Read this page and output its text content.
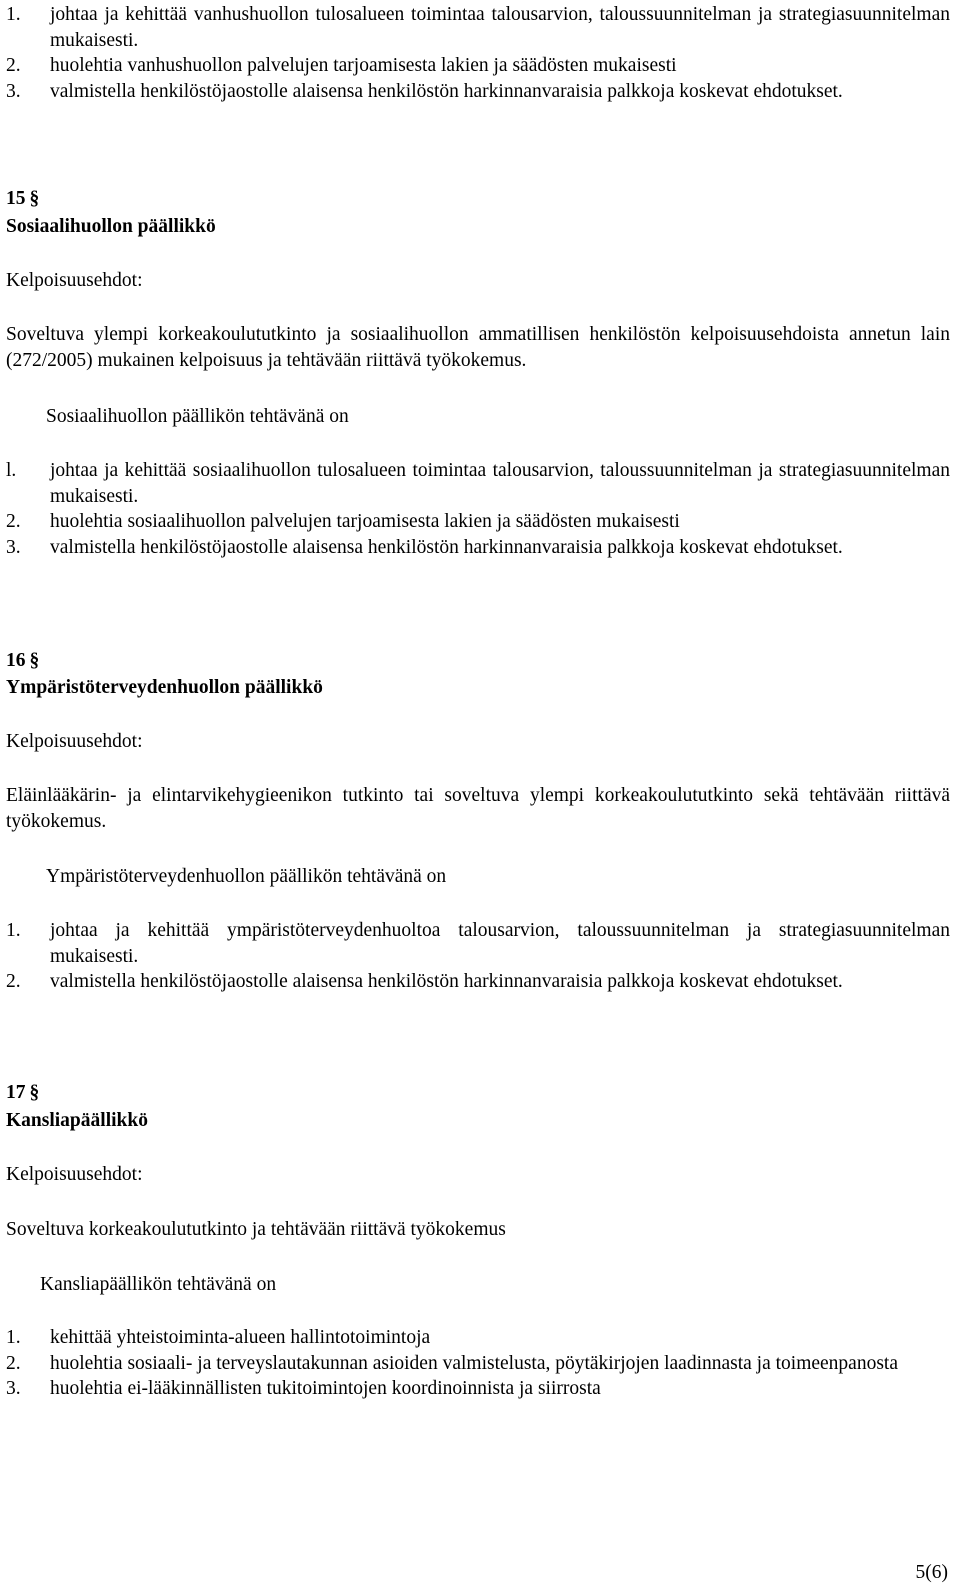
1. johtaa ja kehittää vanhushuollon tulosalueen toimintaa talousarvion, taloussuunnitelman ja strategiasuunnitelman mukaisesti.
2. huolehtia vanhushuollon palvelujen tarjoamisesta lakien ja säädösten mukaisesti
3. valmistella henkilöstöjaostolle alaisensa henkilöstön harkinnanvaraisia palkkoja koskevat ehdotukset.
15 §
Sosiaalihuollon päällikkö
Kelpoisuusehdot:
Soveltuva ylempi korkeakoulututkinto ja sosiaalihuollon ammatillisen henkilöstön kelpoisuusehdoista annetun lain (272/2005) mukainen kelpoisuus ja tehtävään riittävä työkokemus.
Sosiaalihuollon päällikön tehtävänä on
l. johtaa ja kehittää sosiaalihuollon tulosalueen toimintaa talousarvion, taloussuunnitelman ja strategiasuunnitelman mukaisesti.
2. huolehtia sosiaalihuollon palvelujen tarjoamisesta lakien ja säädösten mukaisesti
3. valmistella henkilöstöjaostolle alaisensa henkilöstön harkinnanvaraisia palkkoja koskevat ehdotukset.
16 §
Ympäristöterveydenhuollon päällikkö
Kelpoisuusehdot:
Eläinlääkärin- ja elintarvikehygieenikon tutkinto tai soveltuva ylempi korkeakoulututkinto sekä tehtävään riittävä työkokemus.
Ympäristöterveydenhuollon päällikön tehtävänä on
1. johtaa ja kehittää ympäristöterveydenhuoltoa talousarvion, taloussuunnitelman ja strategiasuunnitelman mukaisesti.
2. valmistella henkilöstöjaostolle alaisensa henkilöstön harkinnanvaraisia palkkoja koskevat ehdotukset.
17 §
Kansliapäällikkö
Kelpoisuusehdot:
Soveltuva korkeakoulututkinto ja tehtävään riittävä työkokemus
Kansliapäällikön tehtävänä on
1. kehittää yhteistoiminta-alueen hallintotoimintoja
2. huolehtia sosiaali- ja terveyslautakunnan asioiden valmistelusta, pöytäkirjojen laadinnasta ja toimeenpanosta
3. huolehtia ei-lääkinnällisten tukitoimintojen koordinoinnista ja siirrosta
5(6)
